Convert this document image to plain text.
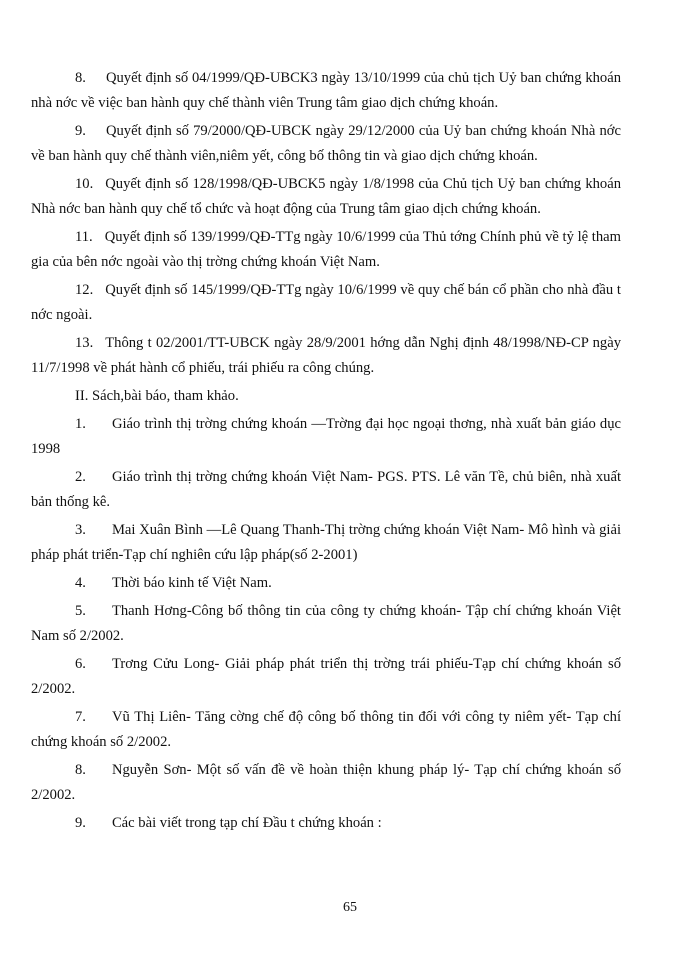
8. Quyết định số 04/1999/QĐ-UBCK3 ngày 13/10/1999 của chủ tịch Uỷ ban chứng khoán nhà nớc về việc ban hành quy chế thành viên Trung tâm giao dịch chứng khoán.
9. Quyết định số 79/2000/QĐ-UBCK ngày 29/12/2000 của Uỷ ban chứng khoán Nhà nớc về ban hành quy chế thành viên,niêm yết, công bố thông tin và giao dịch chứng khoán.
10. Quyết định số 128/1998/QĐ-UBCK5 ngày 1/8/1998 của Chủ tịch Uỷ ban chứng khoán Nhà nớc ban hành quy chế tổ chức và hoạt động của Trung tâm giao dịch chứng khoán.
11. Quyết định số 139/1999/QĐ-TTg ngày 10/6/1999 của Thủ tớng Chính phủ về tỷ lệ tham gia của bên nớc ngoài vào thị trờng chứng khoán Việt Nam.
12. Quyết định số 145/1999/QĐ-TTg ngày 10/6/1999 về quy chế bán cổ phần cho nhà đầu t nớc ngoài.
13. Thông t 02/2001/TT-UBCK ngày 28/9/2001 hớng dẫn Nghị định 48/1998/NĐ-CP ngày 11/7/1998 về phát hành cổ phiếu, trái phiếu ra công chúng.
II. Sách,bài báo, tham khảo.
1. Giáo trình thị trờng chứng khoán —Trờng đại học ngoại thơng, nhà xuất bản giáo dục 1998
2. Giáo trình thị trờng chứng khoán Việt Nam- PGS. PTS. Lê văn Tề, chủ biên, nhà xuất bản thống kê.
3. Mai Xuân Bình —Lê Quang Thanh-Thị trờng chứng khoán Việt Nam- Mô hình và giải pháp phát triển-Tạp chí nghiên cứu lập pháp(số 2-2001)
4. Thời báo kinh tế Việt Nam.
5. Thanh Hơng-Công bố thông tin của công ty chứng khoán- Tập chí chứng khoán Việt Nam số 2/2002.
6. Trơng Cửu Long- Giải pháp phát triển thị trờng trái phiếu-Tạp chí chứng khoán số 2/2002.
7. Vũ Thị Liên- Tăng cờng chế độ công bố thông tin đối với công ty niêm yết- Tạp chí chứng khoán số 2/2002.
8. Nguyễn Sơn- Một số vấn đề về hoàn thiện khung pháp lý- Tạp chí chứng khoán số 2/2002.
9. Các bài viết trong tạp chí Đầu t chứng khoán :
65
